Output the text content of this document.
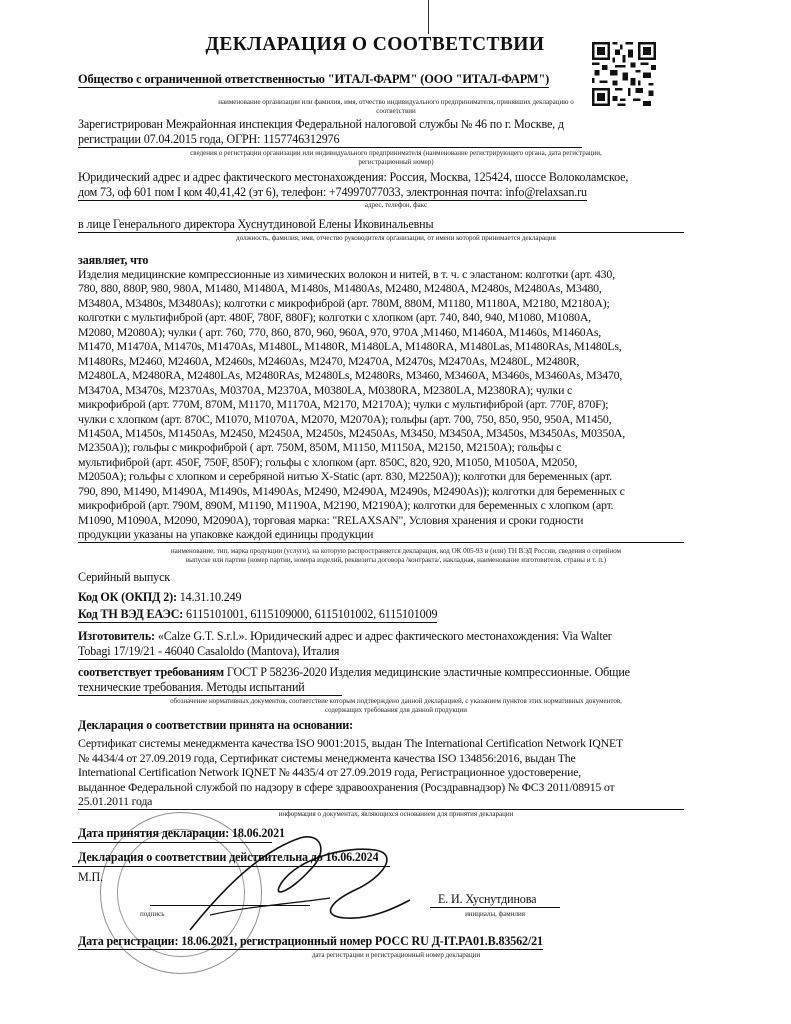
ДЕКЛАРАЦИЯ О СООТВЕТСТВИИ
Общество с ограниченной ответственностью "ИТАЛ-ФАРМ" (ООО "ИТАЛ-ФАРМ")
наименование организации или фамилия, имя, отчество индивидуального предпринимателя, принявших декларацию о
соответствии
Зарегистрирован Межрайонная инспекция Федеральной налоговой службы № 46 по г. Москве, д
регистрации 07.04.2015 года, ОГРН: 1157746312976
сведения о регистрации организации или индивидуального предпринимателя (наименование регистрирующего органа, дата регистрации,
регистрационный номер)
Юридический адрес и адрес фактического местонахождения: Россия, Москва, 125424, шоссе Волоколамское,
дом 73, оф 601 пом I ком 40,41,42 (эт 6), телефон: +74997077033, электронная почта: info@relaxsan.ru
адрес, телефон, факс
в лице Генерального директора Хуснутдиновой Елены Иковинальевны
должность, фамилия, имя, отчество руководителя организации, от имени которой принимается декларация
заявляет, что
Изделия медицинские компрессионные из химических волокон и нитей, в т. ч. с эластаном: колготки (арт. 430,
780, 880, 880Р, 980, 980А, M1480, M1480A, M1480s, M1480As, M2480, M2480A, M2480s, M2480As, M3480,
M3480A, M3480s, M3480As); колготки с микрофиброй (арт. 780M, 880M, M1180, M1180A, M2180, M2180A);
колготки с мультифиброй (арт. 480F, 780F, 880F); колготки с хлопком (арт. 740, 840, 940, M1080, M1080A,
M2080, M2080A); чулки ( арт. 760, 770, 860, 870, 960, 960A, 970, 970A ,M1460, M1460A, M1460s, M1460As,
M1470, M1470A, M1470s, M1470As, M1480L, M1480R, M1480LA, M1480RA, M1480Las, M1480RAs, M1480Ls,
M1480Rs, M2460, M2460A, M2460s, M2460As, M2470, M2470A, M2470s, M2470As, M2480L, M2480R,
M2480LA, M2480RA, M2480LAs, M2480RAs, M2480Ls, M2480Rs, M3460, M3460A, M3460s, M3460As, M3470,
M3470A, M3470s, M2370As, M0370A, M2370A, M0380LA, M0380RA, M2380LA, M2380RA); чулки с
микрофиброй (арт. 770M, 870M, M1170, M1170A, M2170, M2170A); чулки с мультифиброй (арт. 770F, 870F);
чулки с хлопком (арт. 870C, M1070, M1070A, M2070, M2070A); гольфы (арт. 700, 750, 850, 950, 950A, M1450,
M1450A, M1450s, M1450As, M2450, M2450A, M2450s, M2450As, M3450, M3450A, M3450s, M3450As, M0350A,
M2350A)); гольфы с микрофиброй ( арт. 750M, 850M, M1150, M1150A, M2150, M2150A); гольфы с
мультифиброй (арт. 450F, 750F, 850F); гольфы с хлопком (арт. 850C, 820, 920, M1050, M1050A, M2050,
M2050A); гольфы с хлопком и серебряной нитью X-Static (арт. 830, M2250A)); колготки для беременных (арт.
790, 890, M1490, M1490A, M1490s, M1490As, M2490, M2490A, M2490s, M2490As)); колготки для беременных с
микрофиброй (арт. 790M, 890M, M1190, M1190A, M2190, M2190A); колготки для беременных с хлопком (арт.
M1090, M1090A, M2090, M2090A), торговая марка: "RELAXSAN", Условия хранения и сроки годности
продукции указаны на упаковке каждой единицы продукции
наименование, тип, марка продукции (услуги), на которую распространяется декларация, код ОК 005-93 и (или) ТН ВЭД России, сведения о серийном
выпуске или партии (номер партии, номера изделий, реквизиты договора /контракта/, накладная, наименование изготовителя, страны и т. п.)
Серийный выпуск
Код ОК (ОКПД 2): 14.31.10.249
Код ТН ВЭД ЕАЭС: 6115101001, 6115109000, 6115101002, 6115101009
Изготовитель: «Calze G.T. S.r.l.». Юридический адрес и адрес фактического местонахождения: Via Walter
Tobagi 17/19/21 - 46040 Casaloldo (Mantova), Италия
соответствует требованиям ГОСТ Р 58236-2020 Изделия медицинские эластичные компрессионные. Общие
технические требования. Методы испытаний
обозначение нормативных документов, соответствие которым подтверждено данной декларацией, с указанием пунктов этих нормативных документов,
содержащих требования для данной продукции
Декларация о соответствии принята на основании:
Сертификат системы менеджмента качества ISO 9001:2015, выдан The International Certification Network IQNET
№ 4434/4 от 27.09.2019 года, Сертификат системы менеджмента качества ISO 134856:2016, выдан The
International Certification Network IQNET № 4435/4 от 27.09.2019 года, Регистрационное удостоверение,
выданное Федеральной службой по надзору в сфере здравоохранения (Росздравнадзор) № ФСЗ 2011/08915 от
25.01.2011 года
информация о документах, являющихся основанием для принятия декларации
Дата принятия декларации: 18.06.2021
Декларация о соответствии действительна до 16.06.2024
М.П.
подпись
Е. И. Хуснутдинова
инициалы, фамилия
Дата регистрации: 18.06.2021, регистрационный номер РОСС RU Д-IT.PA01.B.83562/21
дата регистрации и регистрационный номер декларации
